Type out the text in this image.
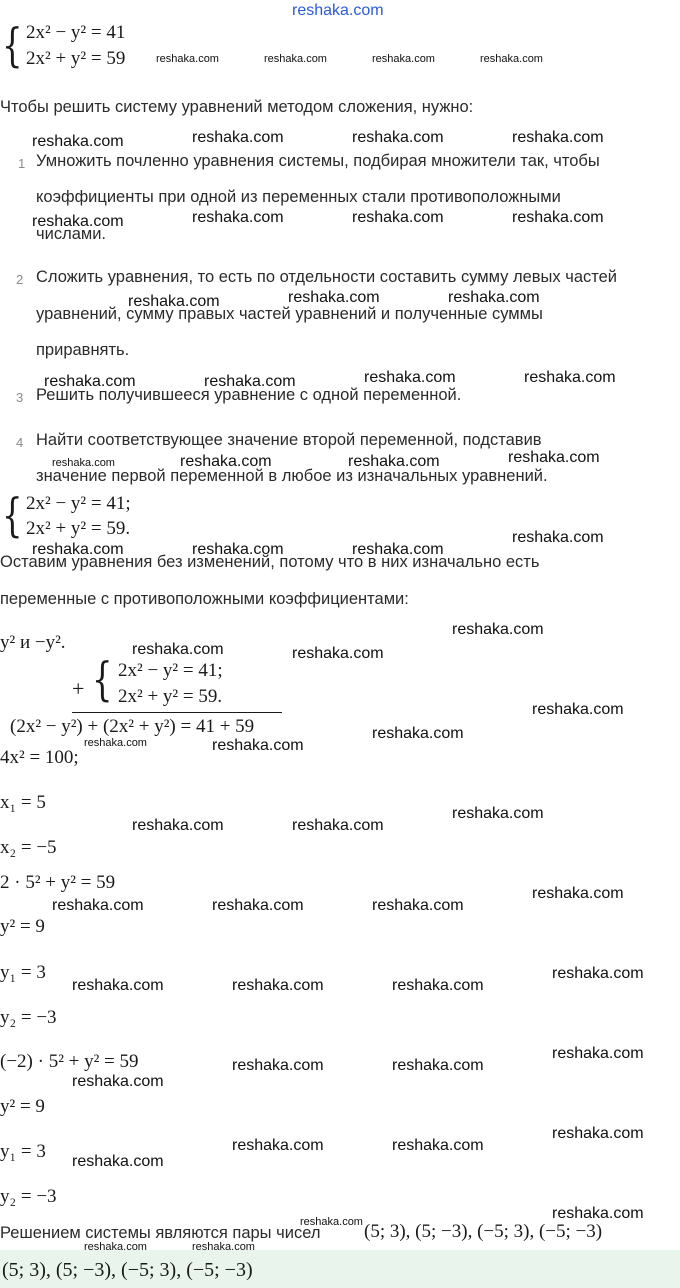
reshaka.com
{ 2x² − y² = 41
2x² + y² = 59	reshaka.com	reshaka.com	reshaka.com	reshaka.com
Чтобы решить систему уравнений методом сложения, нужно:
reshaka.com	reshaka.com	reshaka.com	reshaka.com
1 Умножить почленно уравнения системы, подбирая множители так, чтобы
коэффициенты при одной из переменных стали противоположными
числами.
reshaka.com	reshaka.com	reshaka.com	reshaka.com
2 Сложить уравнения, то есть по отдельности составить сумму левых частей
reshaka.com	reshaka.com	reshaka.com
уравнений, сумму правых частей уравнений и полученные суммы
приравнять.
reshaka.com	reshaka.com	reshaka.com	reshaka.com
3 Решить получившееся уравнение с одной переменной.
4 Найти соответствующее значение второй переменной, подставив
reshaka.com	reshaka.com	reshaka.com	reshaka.com
значение первой переменной в любое из изначальных уравнений.
{ 2x² − y² = 41;
2x² + y² = 59.	reshaka.com
reshaka.com	reshaka.com	reshaka.com
Оставим уравнения без изменений, потому что в них изначально есть
переменные с противоположными коэффициентами:
y² и −y².
reshaka.com
reshaka.com	reshaka.com
+ { 2x² − y² = 41;
2x² + y² = 59.
reshaka.com
(2x² − y²) + (2x² + y²) = 41 + 59	reshaka.com
reshaka.com	reshaka.com
4x² = 100;
x₁ = 5
reshaka.com
reshaka.com	reshaka.com
x₂ = −5
2 · 5² + y² = 59
reshaka.com
reshaka.com	reshaka.com	reshaka.com
y² = 9
y₁ = 3	reshaka.com
reshaka.com	reshaka.com	reshaka.com
y₂ = −3
(−2) · 5² + y² = 59	reshaka.com
reshaka.com	reshaka.com
reshaka.com
y² = 9
y₁ = 3
reshaka.com
reshaka.com	reshaka.com
reshaka.com
y₂ = −3
reshaka.com
reshaka.com
Решением системы являются пары чисел (5; 3), (5; −3), (−5; 3), (−5; −3)
(5; 3), (5; −3), (−5; 3), (−5; −3)
reshaka.com	reshaka.com
